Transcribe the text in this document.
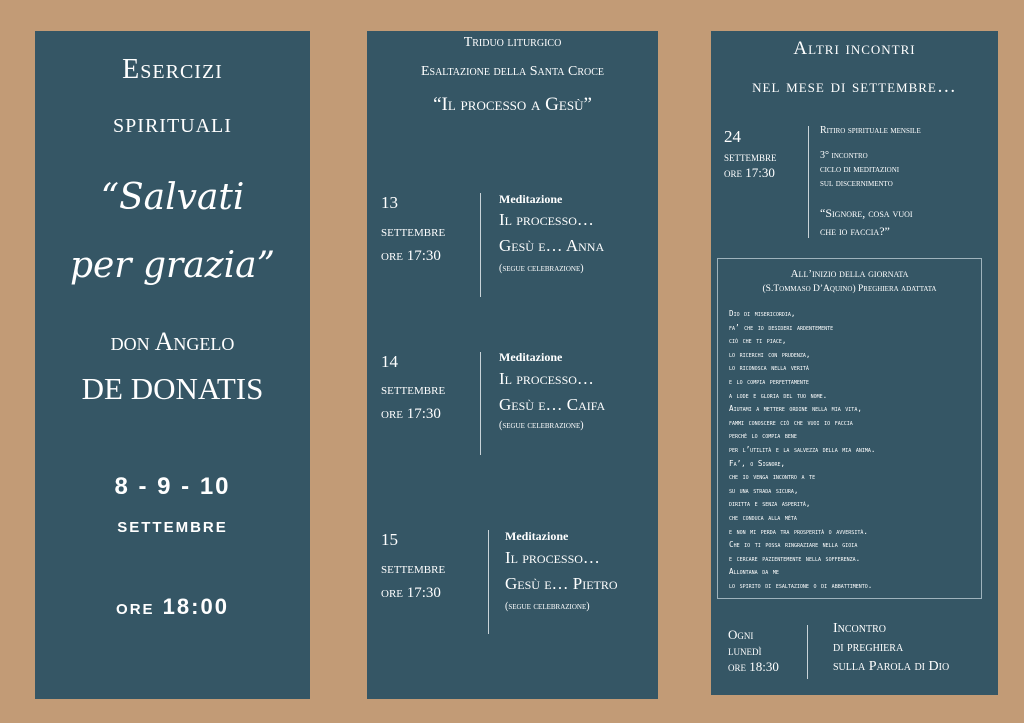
Esercizi
spirituali
“Salvati
per grazia”
don Angelo
DE DONATIS
8 - 9 - 10
settembre
ore 18:00
Triduo liturgico
Esaltazione della Santa Croce
“Il processo a Gesù”
13
settembre
ore 17:30
Meditazione
Il processo…
Gesù e… Anna
(segue celebrazione)
14
settembre
ore 17:30
Meditazione
Il processo…
Gesù e… Caifa
(segue celebrazione)
15
settembre
ore 17:30
Meditazione
Il processo…
Gesù e… Pietro
(segue celebrazione)
Altri incontri
nel mese di settembre…
24
settembre
ore 17:30
Ritiro spirituale mensile
3° incontro
ciclo di meditazioni
sul discernimento
“Signore, cosa vuoi
che io faccia?”
All’inizio della giornata
(S.Tommaso D’Aquino) Preghiera adattata
Dio di misericordia,
fa’ che io desideri ardentemente
ciò che ti piace,
lo ricerchi con prudenza,
lo riconosca nella verità
e lo compia perfettamente
a lode e gloria del tuo nome.
Aiutami a mettere ordine nella mia vita,
fammi conoscere ciò che vuoi io faccia
perché lo compia bene
per l’utilità e la salvezza della mia anima.
Fa’, o Signore,
che io venga incontro a te
su una strada sicura,
diritta e senza asperità,
che conduca alla mèta
e non mi perda tra prosperità o avversità.
Che io ti possa ringraziare nella gioia
e cercare pazientemente nella sofferenza.
Allontana da me
lo spirito di esaltazione o di abbattimento.
Ogni
lunedì
ore 18:30
Incontro
di preghiera
sulla Parola di Dio
